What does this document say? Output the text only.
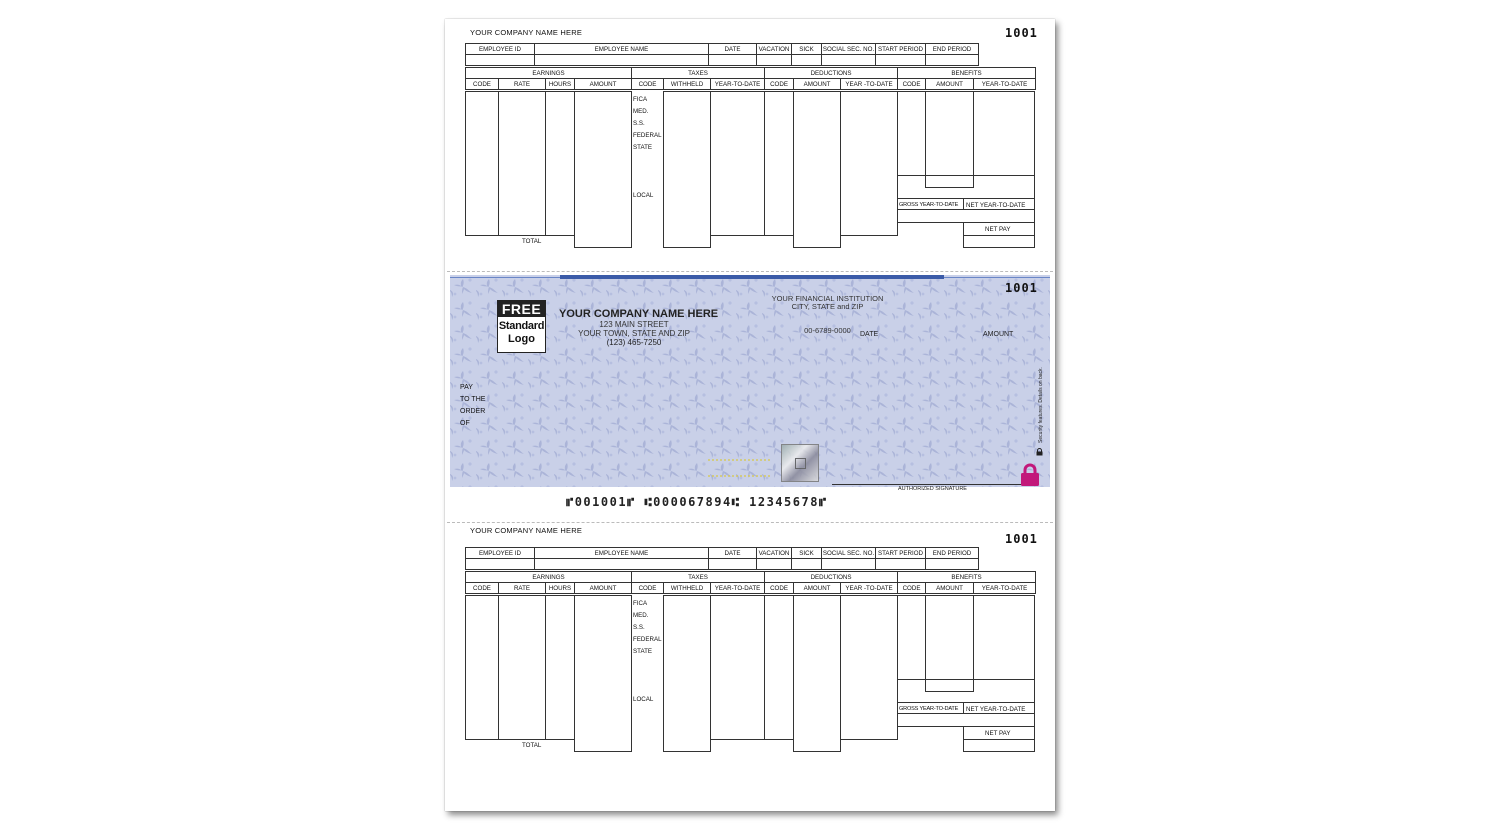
YOUR COMPANY NAME HERE	1001
EMPLOYEE ID	EMPLOYEE NAME	DATE	VACATION	SICK	SOCIAL SEC. NO.	START PERIOD	END PERIOD

EARNINGS				TAXES			DEDUCTIONS			BENEFITS		
CODE	RATE	HOURS	AMOUNT	CODE	WITHHELD	YEAR-TO-DATE	CODE	AMOUNT	YEAR -TO-DATE	CODE	AMOUNT	YEAR-TO-DATE
FICA
MED.
S.S.
FEDERAL
STATE
LOCAL
TOTAL
GROSS YEAR-TO-DATE NET YEAR-TO-DATE
NET PAY
1001
FREE
Standard
Logo
YOUR COMPANY NAME HERE
123 MAIN STREET
YOUR TOWN, STATE AND ZIP
(123) 465-7250
YOUR FINANCIAL INSTITUTION
CITY, STATE and ZIP
00-6789-0000	DATE	AMOUNT
PAY
TO THE
ORDER
OF
AUTHORIZED SIGNATURE
Security features. Details on back.
⑈001001⑈ ⑆000067894⑆ 12345678⑈
YOUR COMPANY NAME HERE
1001
EMPLOYEE ID	EMPLOYEE NAME	DATE	VACATION	SICK	SOCIAL SEC. NO.	START PERIOD	END PERIOD

EARNINGS				TAXES			DEDUCTIONS			BENEFITS		
CODE	RATE	HOURS	AMOUNT	CODE	WITHHELD	YEAR-TO-DATE	CODE	AMOUNT	YEAR -TO-DATE	CODE	AMOUNT	YEAR-TO-DATE
FICA
MED.
S.S.
FEDERAL
STATE
LOCAL
TOTAL
GROSS YEAR-TO-DATE NET YEAR-TO-DATE
NET PAY
